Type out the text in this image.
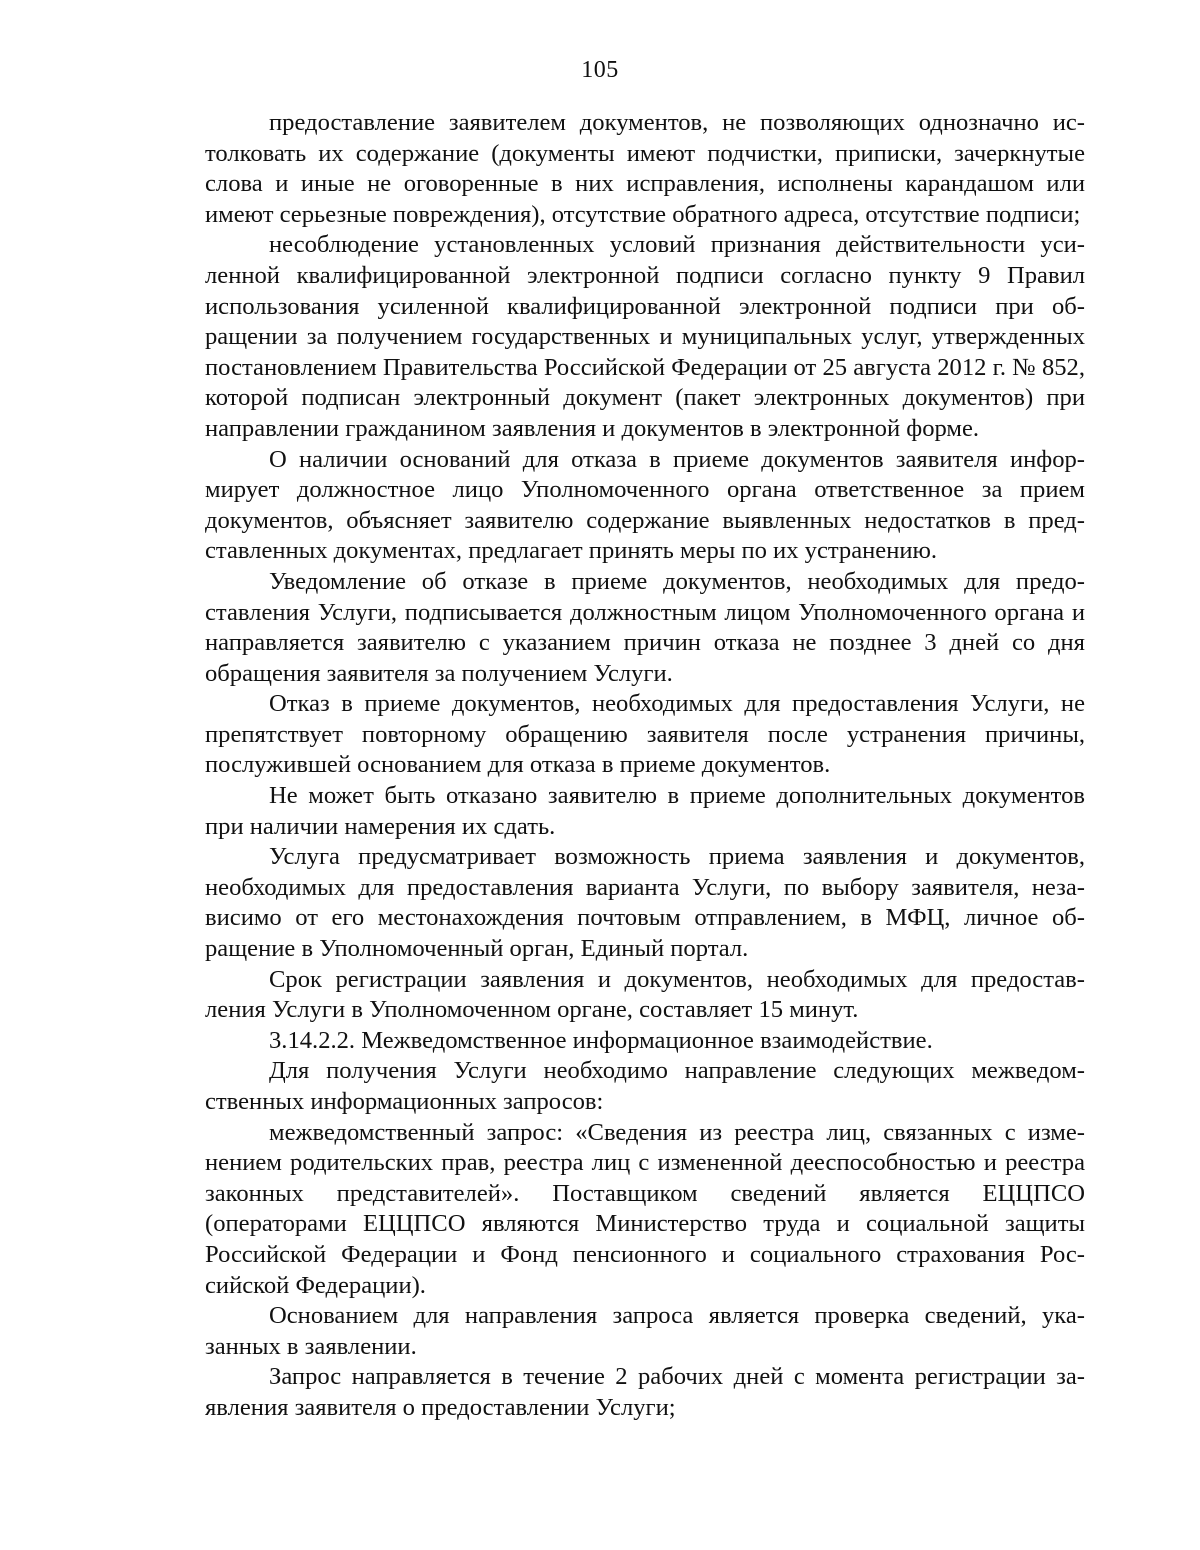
105

предоставление заявителем документов, не позволяющих однозначно истолковать их содержание (документы имеют подчистки, приписки, зачеркнутые слова и иные не оговоренные в них исправления, исполнены карандашом или имеют серьезные повреждения), отсутствие обратного адреса, отсутствие подписи;

несоблюдение установленных условий признания действительности усиленной квалифицированной электронной подписи согласно пункту 9 Правил использования усиленной квалифицированной электронной подписи при обращении за получением государственных и муниципальных услуг, утвержденных постановлением Правительства Российской Федерации от 25 августа 2012 г. № 852, которой подписан электронный документ (пакет электронных документов) при направлении гражданином заявления и документов в электронной форме.

О наличии оснований для отказа в приеме документов заявителя информирует должностное лицо Уполномоченного органа ответственное за прием документов, объясняет заявителю содержание выявленных недостатков в представленных документах, предлагает принять меры по их устранению.

Уведомление об отказе в приеме документов, необходимых для предоставления Услуги, подписывается должностным лицом Уполномоченного органа и направляется заявителю с указанием причин отказа не позднее 3 дней со дня обращения заявителя за получением Услуги.

Отказ в приеме документов, необходимых для предоставления Услуги, не препятствует повторному обращению заявителя после устранения причины, послужившей основанием для отказа в приеме документов.

Не может быть отказано заявителю в приеме дополнительных документов при наличии намерения их сдать.

Услуга предусматривает возможность приема заявления и документов, необходимых для предоставления варианта Услуги, по выбору заявителя, независимо от его местонахождения почтовым отправлением, в МФЦ, личное обращение в Уполномоченный орган, Единый портал.

Срок регистрации заявления и документов, необходимых для предоставления Услуги в Уполномоченном органе, составляет 15 минут.

3.14.2.2. Межведомственное информационное взаимодействие.

Для получения Услуги необходимо направление следующих межведомственных информационных запросов:

межведомственный запрос: «Сведения из реестра лиц, связанных с изменением родительских прав, реестра лиц с измененной дееспособностью и реестра законных представителей». Поставщиком сведений является ЕЦЦПСО (операторами ЕЦЦПСО являются Министерство труда и социальной защиты Российской Федерации и Фонд пенсионного и социального страхования Российской Федерации).

Основанием для направления запроса является проверка сведений, указанных в заявлении.

Запрос направляется в течение 2 рабочих дней с момента регистрации заявления заявителя о предоставлении Услуги;
